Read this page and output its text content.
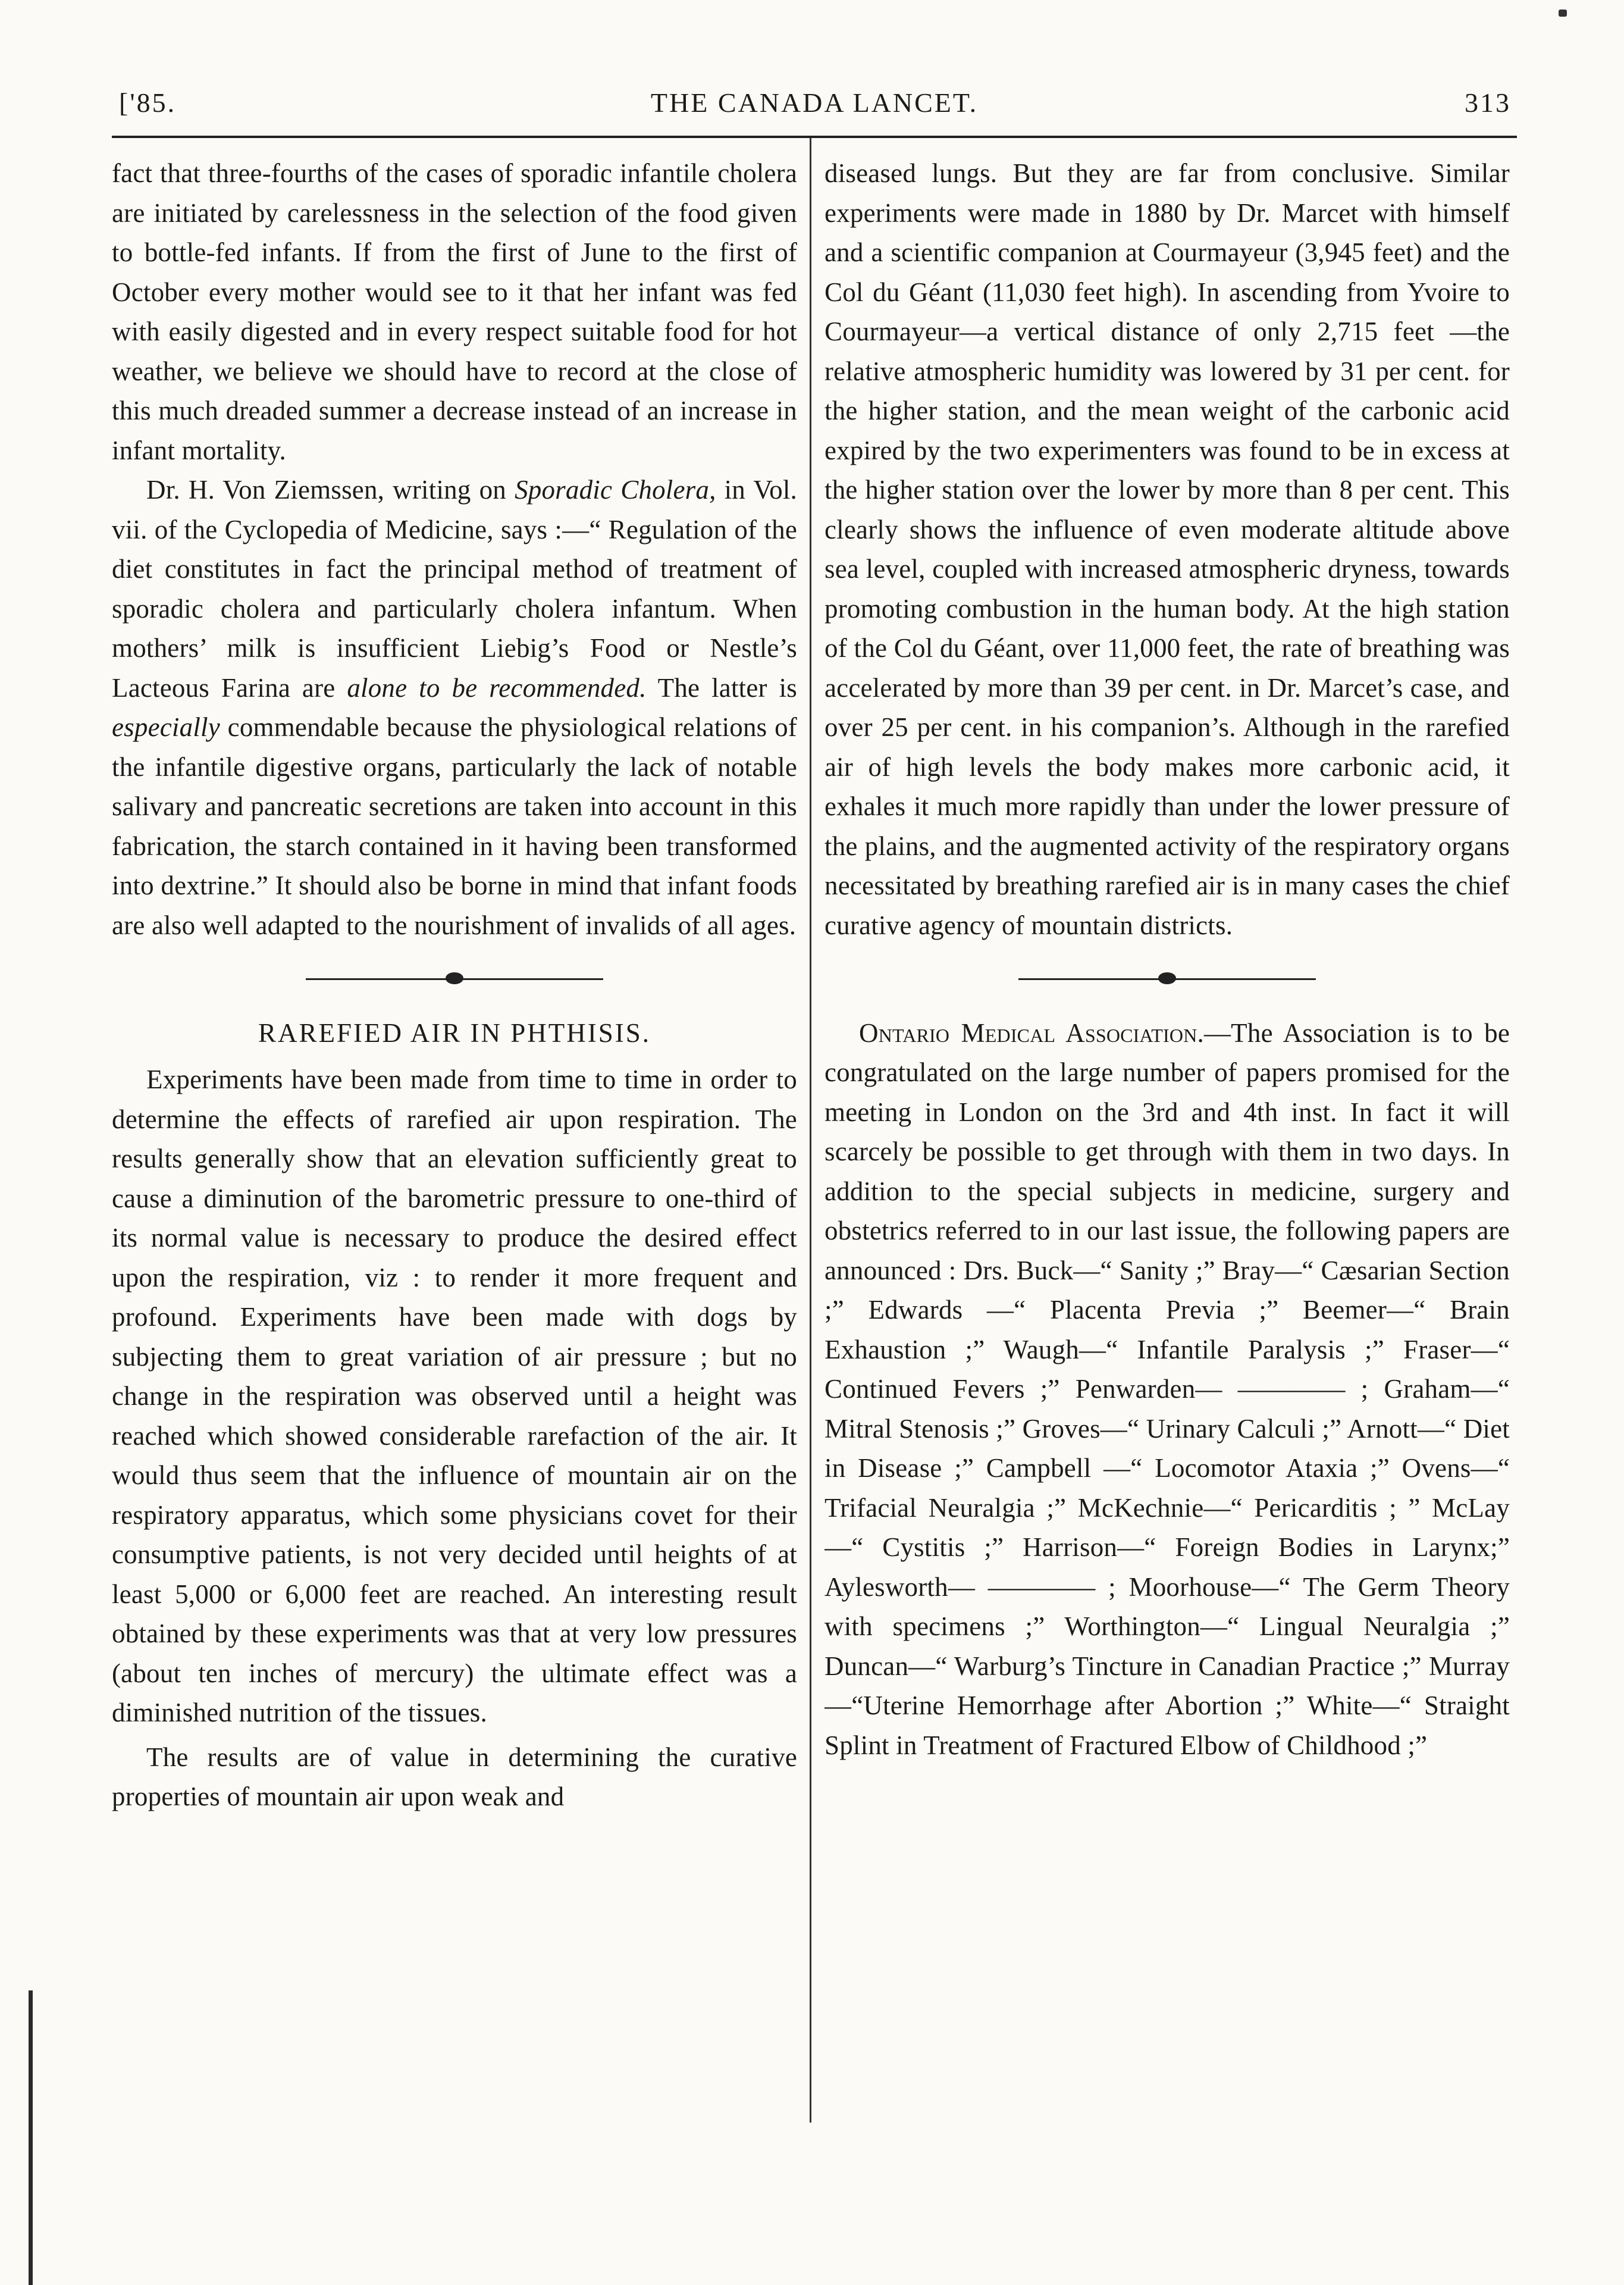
['85.	THE CANADA LANCET.	313

fact that three-fourths of the cases of sporadic infantile cholera are initiated by carelessness in the selection of the food given to bottle-fed infants. If from the first of June to the first of October every mother would see to it that her infant was fed with easily digested and in every respect suitable food for hot weather, we believe we should have to record at the close of this much dreaded summer a decrease instead of an increase in infant mortality.

Dr. H. Von Ziemssen, writing on Sporadic Cholera, in Vol. vii. of the Cyclopedia of Medicine, says :—“ Regulation of the diet constitutes in fact the principal method of treatment of sporadic cholera and particularly cholera infantum. When mothers’ milk is insufficient Liebig’s Food or Nestle’s Lacteous Farina are alone to be recommended. The latter is especially commendable because the physiological relations of the infantile digestive organs, particularly the lack of notable salivary and pancreatic secretions are taken into account in this fabrication, the starch contained in it having been transformed into dextrine.” It should also be borne in mind that infant foods are also well adapted to the nourishment of invalids of all ages.

RAREFIED AIR IN PHTHISIS.

Experiments have been made from time to time in order to determine the effects of rarefied air upon respiration. The results generally show that an elevation sufficiently great to cause a diminution of the barometric pressure to one-third of its normal value is necessary to produce the desired effect upon the respiration, viz : to render it more frequent and profound. Experiments have been made with dogs by subjecting them to great variation of air pressure ; but no change in the respiration was observed until a height was reached which showed considerable rarefaction of the air. It would thus seem that the influence of mountain air on the respiratory apparatus, which some physicians covet for their consumptive patients, is not very decided until heights of at least 5,000 or 6,000 feet are reached. An interesting result obtained by these experiments was that at very low pressures (about ten inches of mercury) the ultimate effect was a diminished nutrition of the tissues.

The results are of value in determining the curative properties of mountain air upon weak and

diseased lungs. But they are far from conclusive. Similar experiments were made in 1880 by Dr. Marcet with himself and a scientific companion at Courmayeur (3,945 feet) and the Col du Géant (11,030 feet high). In ascending from Yvoire to Courmayeur—a vertical distance of only 2,715 feet —the relative atmospheric humidity was lowered by 31 per cent. for the higher station, and the mean weight of the carbonic acid expired by the two experimenters was found to be in excess at the higher station over the lower by more than 8 per cent. This clearly shows the influence of even moderate altitude above sea level, coupled with increased atmospheric dryness, towards promoting combustion in the human body. At the high station of the Col du Géant, over 11,000 feet, the rate of breathing was accelerated by more than 39 per cent. in Dr. Marcet’s case, and over 25 per cent. in his companion’s. Although in the rarefied air of high levels the body makes more carbonic acid, it exhales it much more rapidly than under the lower pressure of the plains, and the augmented activity of the respiratory organs necessitated by breathing rarefied air is in many cases the chief curative agency of mountain districts.

Ontario Medical Association.—The Association is to be congratulated on the large number of papers promised for the meeting in London on the 3rd and 4th inst. In fact it will scarcely be possible to get through with them in two days. In addition to the special subjects in medicine, surgery and obstetrics referred to in our last issue, the following papers are announced : Drs. Buck—“ Sanity ;” Bray—“ Cæsarian Section ;” Edwards —“ Placenta Previa ;” Beemer—“ Brain Exhaustion ;” Waugh—“ Infantile Paralysis ;” Fraser—“ Continued Fevers ;” Penwarden— ———— ; Graham—“ Mitral Stenosis ;” Groves—“ Urinary Calculi ;” Arnott—“ Diet in Disease ;” Campbell —“ Locomotor Ataxia ;” Ovens—“ Trifacial Neuralgia ;” McKechnie—“ Pericarditis ; ” McLay—“ Cystitis ;” Harrison—“ Foreign Bodies in Larynx;” Aylesworth— ———— ; Moorhouse—“ The Germ Theory with specimens ;” Worthington—“ Lingual Neuralgia ;” Duncan—“ Warburg’s Tincture in Canadian Practice ;” Murray—“Uterine Hemorrhage after Abortion ;” White—“ Straight Splint in Treatment of Fractured Elbow of Childhood ;”
